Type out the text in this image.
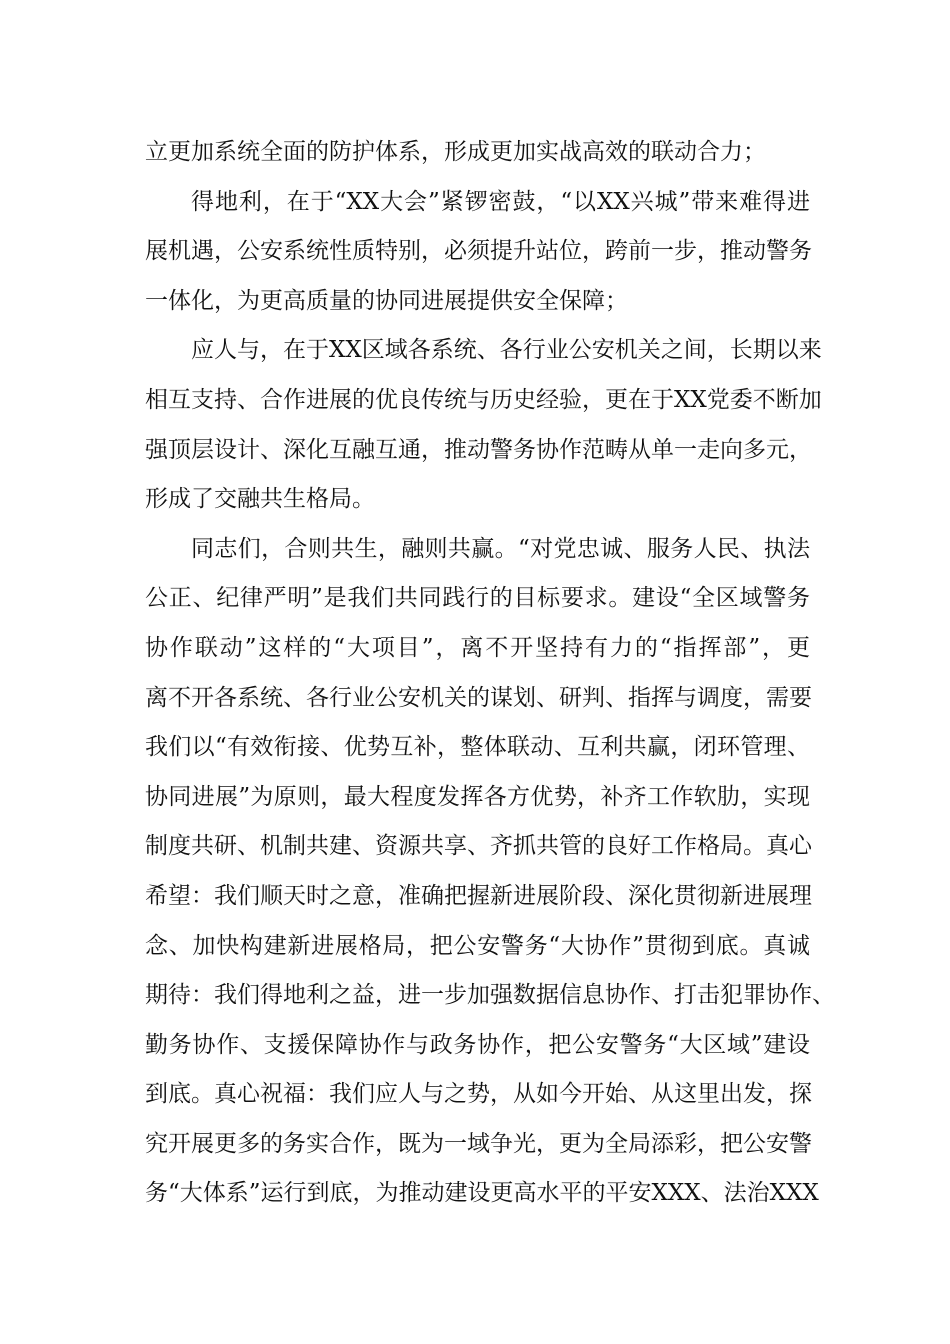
立更加系统全面的防护体系，形成更加实战高效的联动合力；
得地利，在于“XX大会”紧锣密鼓，“以XX兴城”带来难得进
展机遇，公安系统性质特别，必须提升站位，跨前一步，推动警务
一体化，为更高质量的协同进展提供安全保障；
应人与，在于XX区域各系统、各行业公安机关之间，长期以来
相互支持、合作进展的优良传统与历史经验，更在于XX党委不断加
强顶层设计、深化互融互通，推动警务协作范畴从单一走向多元，
形成了交融共生格局。
同志们，合则共生，融则共赢。“对党忠诚、服务人民、执法
公正、纪律严明”是我们共同践行的目标要求。建设“全区域警务
协作联动”这样的“大项目”，离不开坚持有力的“指挥部”，更
离不开各系统、各行业公安机关的谋划、研判、指挥与调度，需要
我们以“有效衔接、优势互补，整体联动、互利共赢，闭环管理、
协同进展”为原则，最大程度发挥各方优势，补齐工作软肋，实现
制度共研、机制共建、资源共享、齐抓共管的良好工作格局。真心
希望：我们顺天时之意，准确把握新进展阶段、深化贯彻新进展理
念、加快构建新进展格局，把公安警务“大协作”贯彻到底。真诚
期待：我们得地利之益，进一步加强数据信息协作、打击犯罪协作、
勤务协作、支援保障协作与政务协作，把公安警务“大区域”建设
到底。真心祝福：我们应人与之势，从如今开始、从这里出发，探
究开展更多的务实合作，既为一域争光，更为全局添彩，把公安警
务“大体系”运行到底，为推动建设更高水平的平安XXX、法治XXX
